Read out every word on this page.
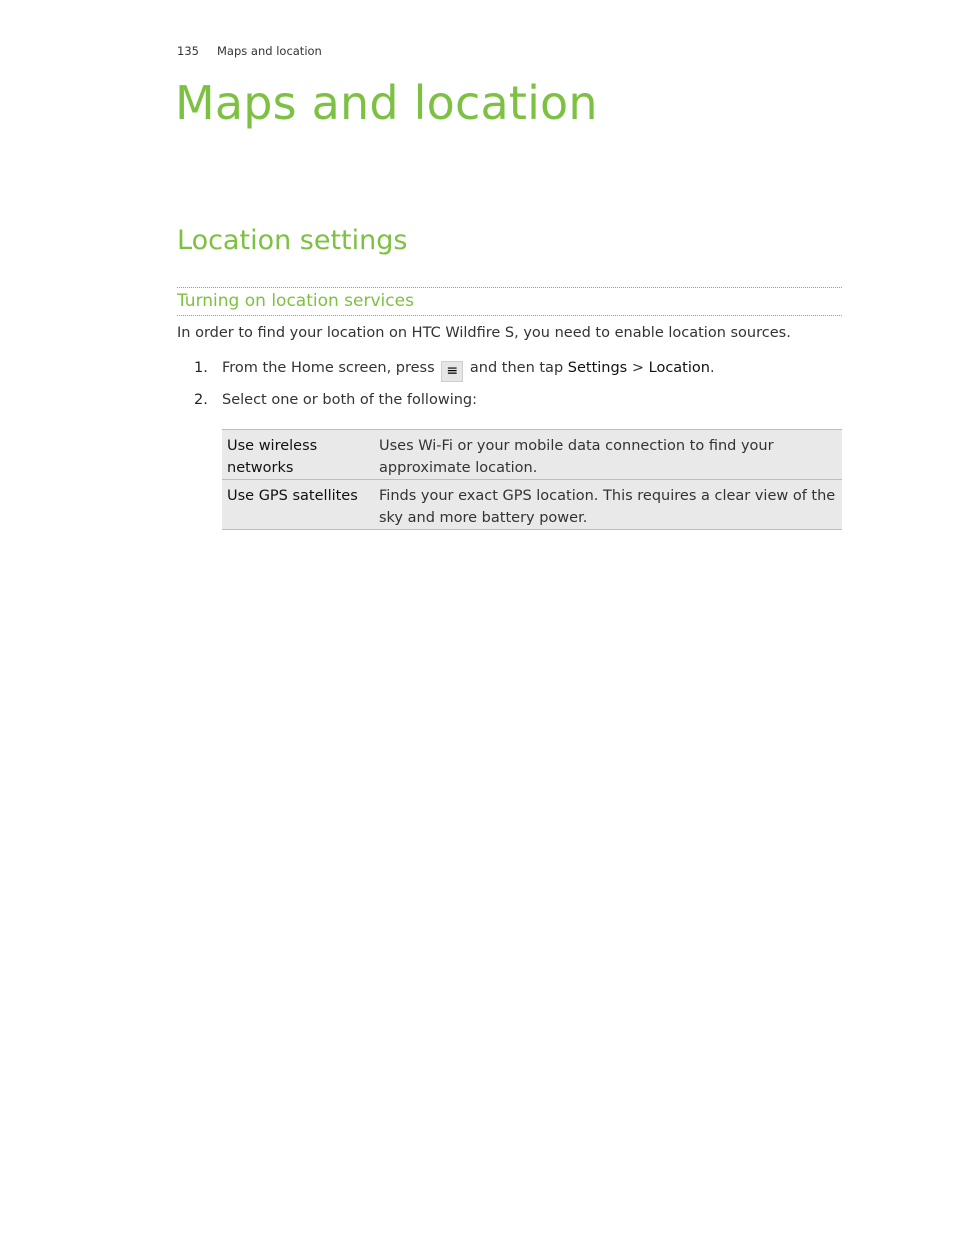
135 Maps and location
Maps and location
Location settings
Turning on location services

In order to find your location on HTC Wildfire S, you need to enable location sources.

1. From the Home screen, press ≡ and then tap Settings > Location.
2. Select one or both of the following:
Use wireless networks
Uses Wi-Fi or your mobile data connection to find your approximate location.
Use GPS satellites	Finds your exact GPS location. This requires a clear view of the sky and more battery power.
